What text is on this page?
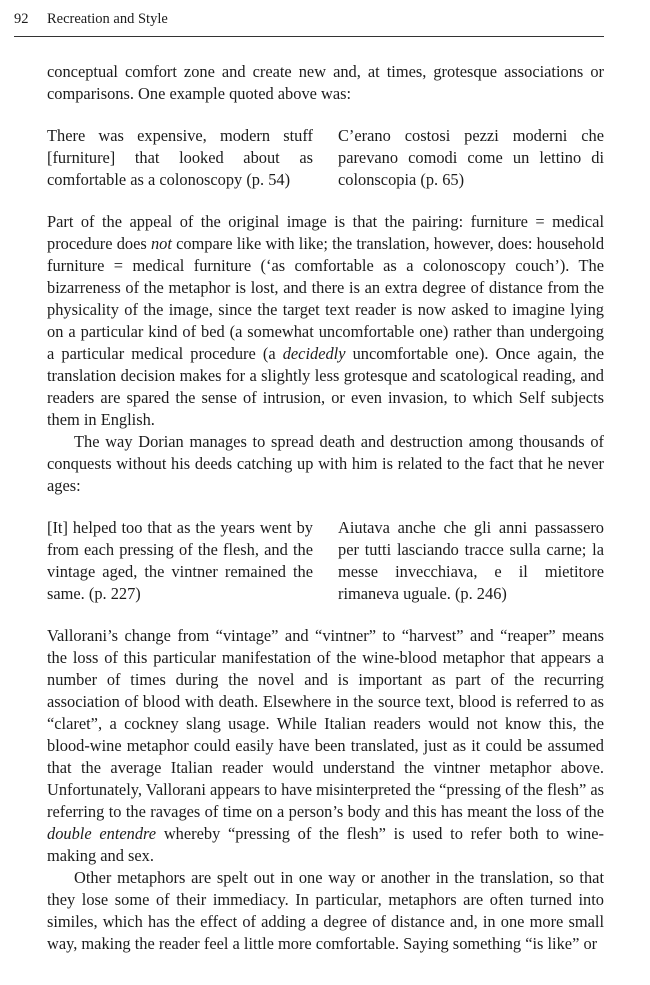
92 Recreation and Style

conceptual comfort zone and create new and, at times, grotesque associations or comparisons. One example quoted above was:

There was expensive, modern stuff [furniture] that looked about as comfortable as a colonoscopy (p. 54)
C’erano costosi pezzi moderni che parevano comodi come un lettino di colonscopia (p. 65)

Part of the appeal of the original image is that the pairing: furniture = medical procedure does not compare like with like; the translation, however, does: household furniture = medical furniture (‘as comfortable as a colonoscopy couch’). The bizarreness of the metaphor is lost, and there is an extra degree of distance from the physicality of the image, since the target text reader is now asked to imagine lying on a particular kind of bed (a somewhat uncomfortable one) rather than undergoing a particular medical procedure (a decidedly uncomfortable one). Once again, the translation decision makes for a slightly less grotesque and scatological reading, and readers are spared the sense of intrusion, or even invasion, to which Self subjects them in English.

The way Dorian manages to spread death and destruction among thousands of conquests without his deeds catching up with him is related to the fact that he never ages:

[It] helped too that as the years went by from each pressing of the flesh, and the vintage aged, the vintner remained the same. (p. 227)
Aiutava anche che gli anni passassero per tutti lasciando tracce sulla carne; la messe invecchiava, e il mietitore rimaneva uguale. (p. 246)

Vallorani’s change from “vintage” and “vintner” to “harvest” and “reaper” means the loss of this particular manifestation of the wine-blood metaphor that appears a number of times during the novel and is important as part of the recurring association of blood with death. Elsewhere in the source text, blood is referred to as “claret”, a cockney slang usage. While Italian readers would not know this, the blood-wine metaphor could easily have been translated, just as it could be assumed that the average Italian reader would understand the vintner metaphor above. Unfortunately, Vallorani appears to have misinterpreted the “pressing of the flesh” as referring to the ravages of time on a person’s body and this has meant the loss of the double entendre whereby “pressing of the flesh” is used to refer both to wine-making and sex.

Other metaphors are spelt out in one way or another in the translation, so that they lose some of their immediacy. In particular, metaphors are often turned into similes, which has the effect of adding a degree of distance and, in one more small way, making the reader feel a little more comfortable. Saying something “is like” or
